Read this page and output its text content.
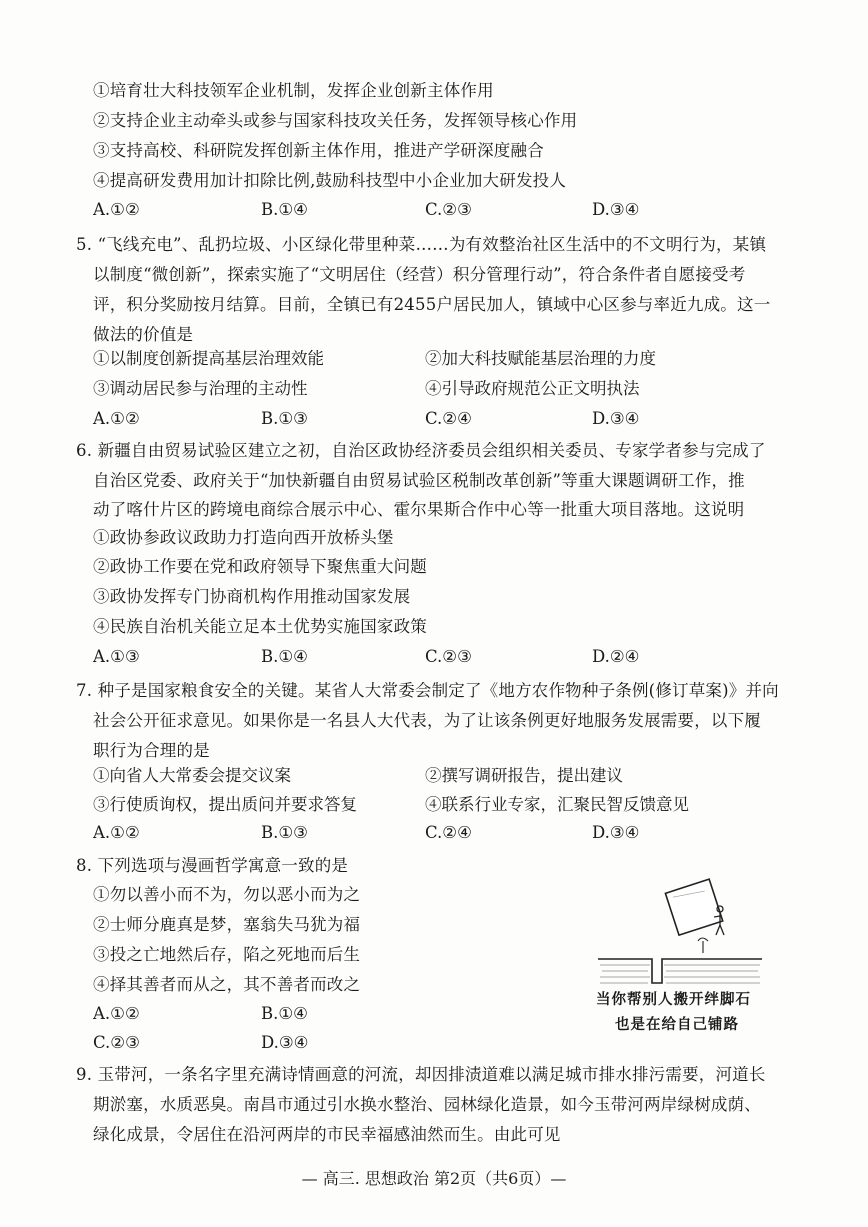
①培育壮大科技领军企业机制，发挥企业创新主体作用
②支持企业主动牵头或参与国家科技攻关任务，发挥领导核心作用
③支持高校、科研院发挥创新主体作用，推进产学研深度融合
④提高研发费用加计扣除比例,鼓励科技型中小企业加大研发投人
A.①②	B.①④	C.②③	D.③④
5. “飞线充电”、乱扔垃圾、小区绿化带里种菜……为有效整治社区生活中的不文明行为，某镇
以制度“微创新”，探索实施了“文明居住（经营）积分管理行动”，符合条件者自愿接受考
评，积分奖励按月结算。目前，全镇已有2455户居民加人，镇域中心区参与率近九成。这一
做法的价值是
①以制度创新提高基层治理效能	②加大科技赋能基层治理的力度
③调动居民参与治理的主动性	④引导政府规范公正文明执法
A.①②	B.①③	C.②④	D.③④
6. 新疆自由贸易试验区建立之初，自治区政协经济委员会组织相关委员、专家学者参与完成了
自治区党委、政府关于“加快新疆自由贸易试验区税制改革创新”等重大课题调研工作，推
动了喀什片区的跨境电商综合展示中心、霍尔果斯合作中心等一批重大项目落地。这说明
①政协参政议政助力打造向西开放桥头堡
②政协工作要在党和政府领导下聚焦重大问题
③政协发挥专门协商机构作用推动国家发展
④民族自治机关能立足本土优势实施国家政策
A.①③	B.①④	C.②③	D.②④
7. 种子是国家粮食安全的关键。某省人大常委会制定了《地方农作物种子条例(修订草案)》并向
社会公开征求意见。如果你是一名县人大代表，为了让该条例更好地服务发展需要，以下履
职行为合理的是
①向省人大常委会提交议案	②撰写调研报告，提出建议
③行使质询权，提出质问并要求答复	④联系行业专家，汇聚民智反馈意见
A.①②	B.①③	C.②④	D.③④
8. 下列选项与漫画哲学寓意一致的是
①勿以善小而不为，勿以恶小而为之
②士师分鹿真是梦，塞翁失马犹为福
③投之亡地然后存，陷之死地而后生
④择其善者而从之，其不善者而改之
A.①②	B.①④
C.②③	D.③④
当你帮别人搬开绊脚石
也是在给自己铺路
9. 玉带河，一条名字里充满诗情画意的河流，却因排渍道难以满足城市排水排污需要，河道长
期淤塞，水质恶臭。南昌市通过引水换水整治、园林绿化造景，如今玉带河两岸绿树成荫、
绿化成景，令居住在沿河两岸的市民幸福感油然而生。由此可见
— 高三. 思想政治 第2页（共6页）—
